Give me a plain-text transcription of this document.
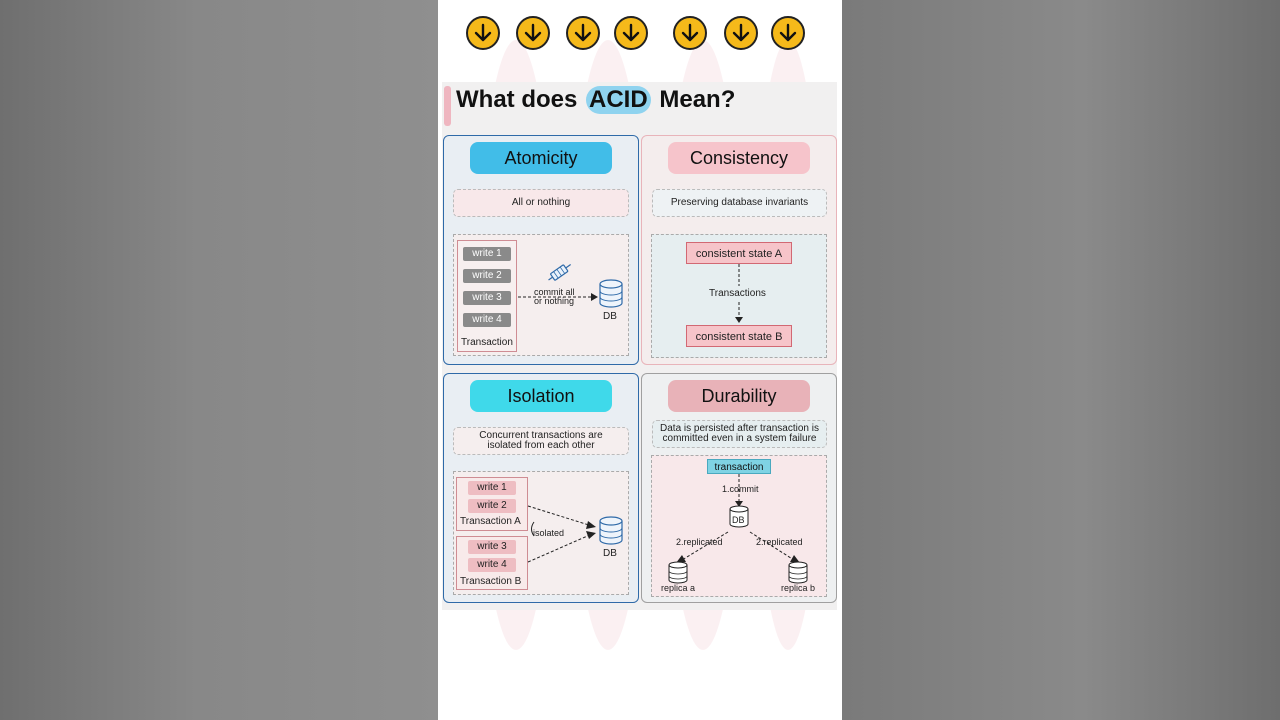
What does ACID Mean?
Atomicity
All or nothing
write 1
write 2
write 3
write 4
Transaction
commit all
or nothing
DB
Consistency
Preserving database invariants
consistent state A
Transactions
consistent state B
Isolation
Concurrent transactions are
isolated from each other
write 1
write 2
Transaction A
write 3
write 4
Transaction B
isolated
DB
Durability
Data is persisted after transaction is
committed even in a system failure
transaction
1.commit
DB
2.replicated	2.replicated
replica a	replica b
